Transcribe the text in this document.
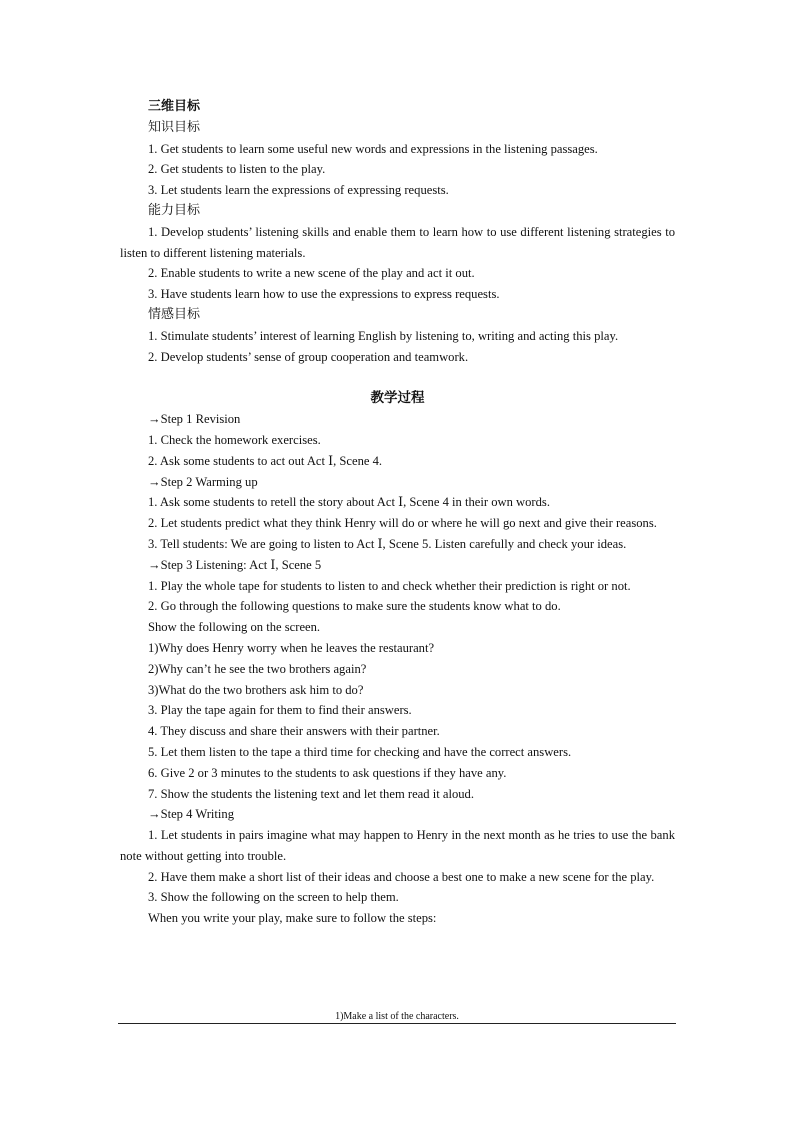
三维目标
知识目标
1. Get students to learn some useful new words and expressions in the listening passages.
2. Get students to listen to the play.
3. Let students learn the expressions of expressing requests.
能力目标
1. Develop students’ listening skills and enable them to learn how to use different listening strategies to listen to different listening materials.
2. Enable students to write a new scene of the play and act it out.
3. Have students learn how to use the expressions to express requests.
情感目标
1. Stimulate students’ interest of learning English by listening to, writing and acting this play.
2. Develop students’ sense of group cooperation and teamwork.
教学过程
→Step 1 Revision
1. Check the homework exercises.
2. Ask some students to act out Act Ⅰ, Scene 4.
→Step 2 Warming up
1. Ask some students to retell the story about Act Ⅰ, Scene 4 in their own words.
2. Let students predict what they think Henry will do or where he will go next and give their reasons.
3. Tell students: We are going to listen to Act Ⅰ, Scene 5. Listen carefully and check your ideas.
→Step 3 Listening: Act Ⅰ, Scene 5
1. Play the whole tape for students to listen to and check whether their prediction is right or not.
2. Go through the following questions to make sure the students know what to do.
Show the following on the screen.
1)Why does Henry worry when he leaves the restaurant?
2)Why can’t he see the two brothers again?
3)What do the two brothers ask him to do?
3. Play the tape again for them to find their answers.
4. They discuss and share their answers with their partner.
5. Let them listen to the tape a third time for checking and have the correct answers.
6. Give 2 or 3 minutes to the students to ask questions if they have any.
7. Show the students the listening text and let them read it aloud.
→Step 4 Writing
1. Let students in pairs imagine what may happen to Henry in the next month as he tries to use the bank note without getting into trouble.
2. Have them make a short list of their ideas and choose a best one to make a new scene for the play.
3. Show the following on the screen to help them.
When you write your play, make sure to follow the steps:
1)Make a list of the characters.
